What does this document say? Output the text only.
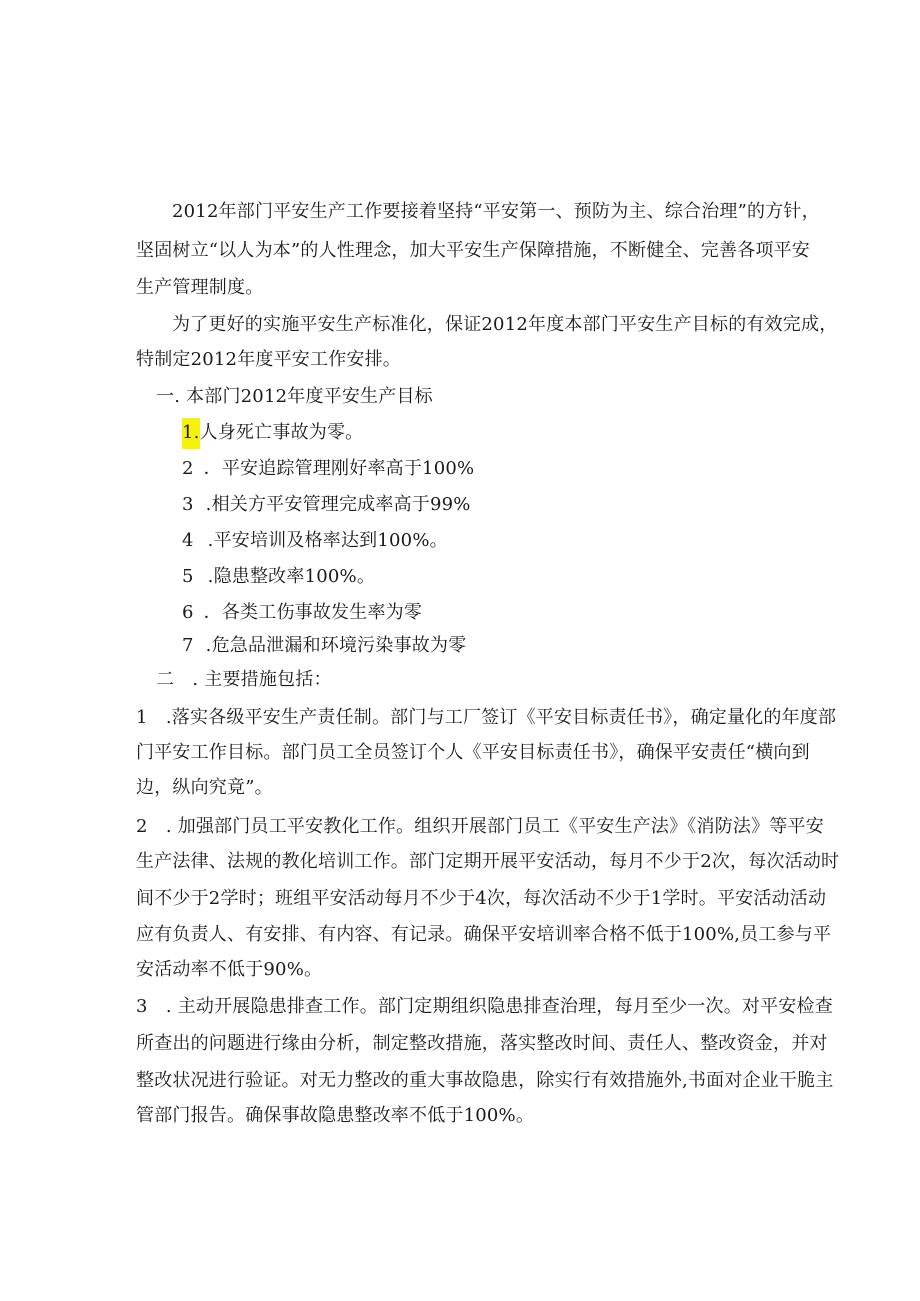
2012年部门平安生产工作要接着坚持“平安第一、预防为主、综合治理”的方针，
坚固树立“以人为本”的人性理念，加大平安生产保障措施，不断健全、完善各项平安
生产管理制度。
为了更好的实施平安生产标准化，保证2012年度本部门平安生产目标的有效完成，
特制定2012年度平安工作安排。
一. 本部门2012年度平安生产目标
1.人身死亡事故为零。
2 ．平安追踪管理刚好率高于100%
3 .相关方平安管理完成率高于99%
4 .平安培训及格率达到100%。
5 .隐患整改率100%。
6 ．各类工伤事故发生率为零
7 .危急品泄漏和环境污染事故为零
二　. 主要措施包括：
1　.落实各级平安生产责任制。部门与工厂签订《平安目标责任书》，确定量化的年度部
门平安工作目标。部门员工全员签订个人《平安目标责任书》，确保平安责任“横向到
边，纵向究竟”。
2　. 加强部门员工平安教化工作。组织开展部门员工《平安生产法》《消防法》等平安
生产法律、法规的教化培训工作。部门定期开展平安活动，每月不少于2次，每次活动时
间不少于2学时；班组平安活动每月不少于4次，每次活动不少于1学时。平安活动活动
应有负责人、有安排、有内容、有记录。确保平安培训率合格不低于100%,员工参与平
安活动率不低于90%。
3　. 主动开展隐患排查工作。部门定期组织隐患排查治理，每月至少一次。对平安检查
所查出的问题进行缘由分析，制定整改措施，落实整改时间、责任人、整改资金，并对
整改状况进行验证。对无力整改的重大事故隐患，除实行有效措施外,书面对企业干脆主
管部门报告。确保事故隐患整改率不低于100%。
